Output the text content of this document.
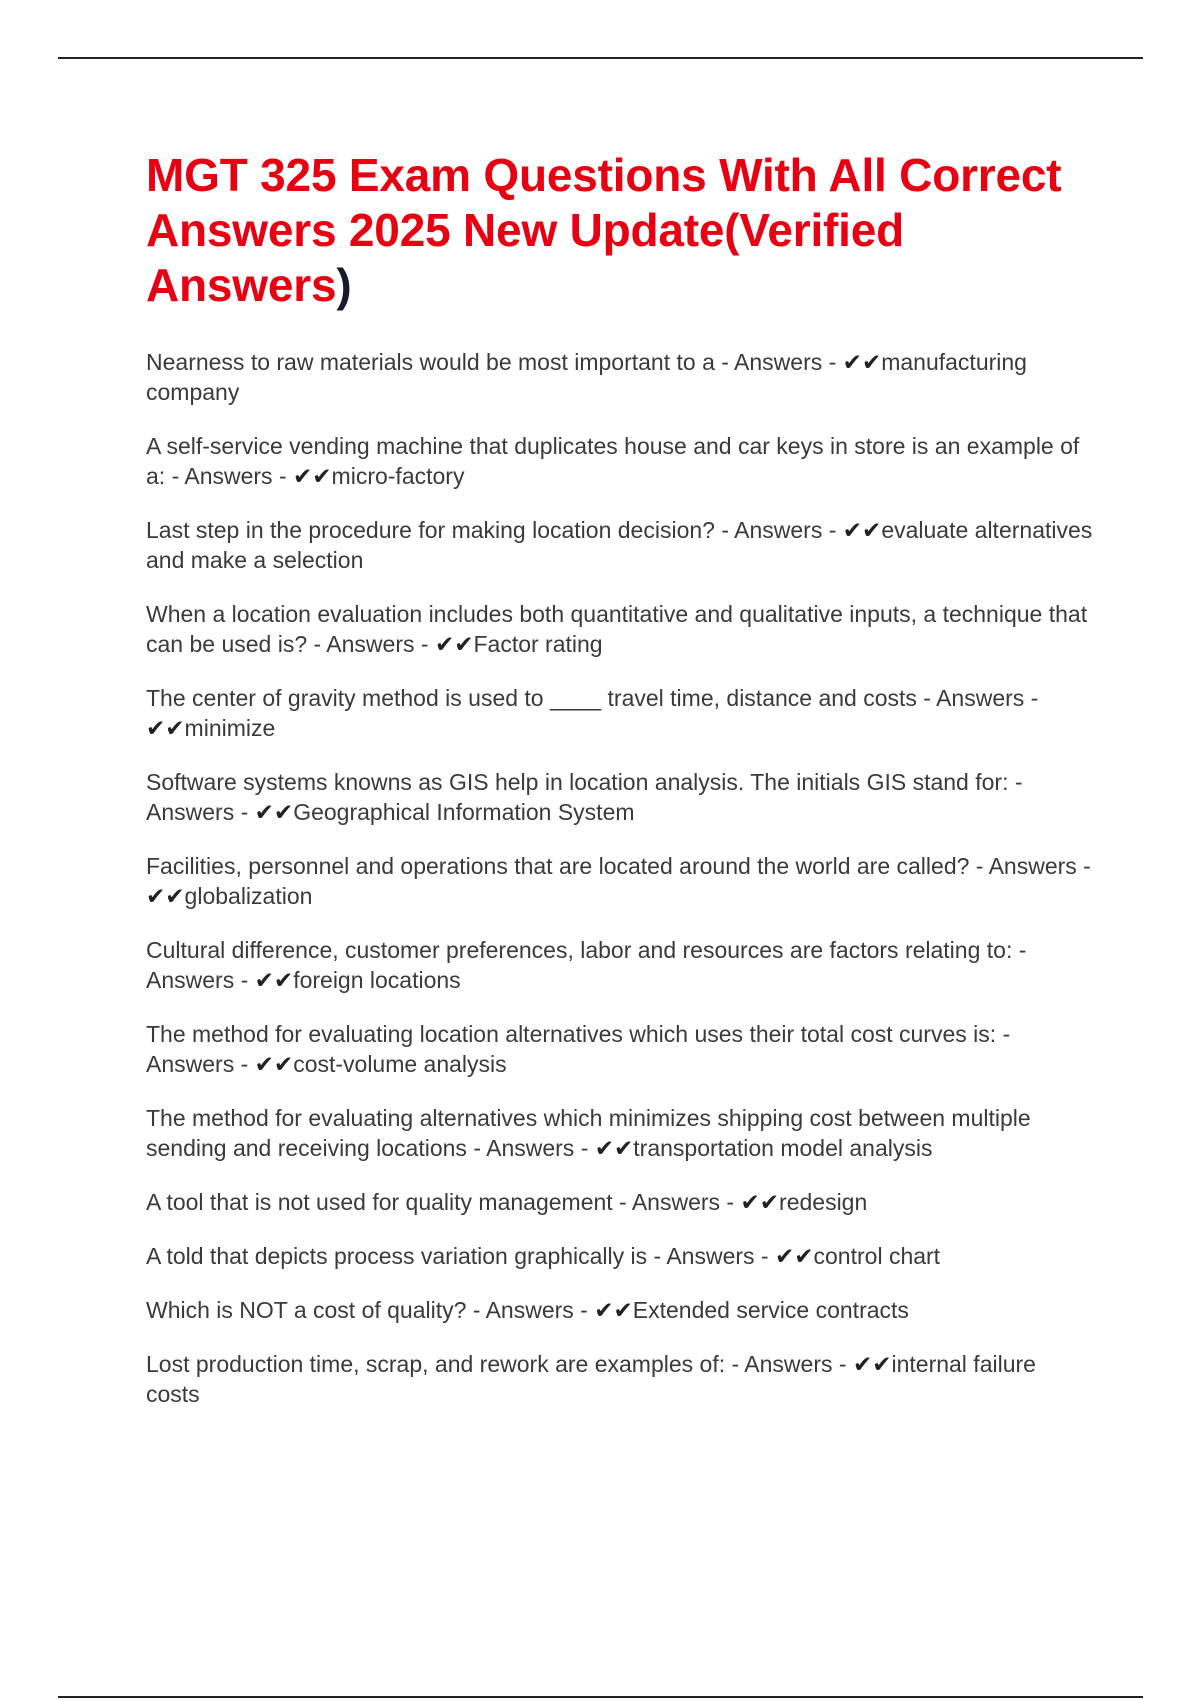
MGT 325 Exam Questions With All Correct Answers 2025 New Update(Verified Answers)

Nearness to raw materials would be most important to a - Answers - ✔✔manufacturing company

A self-service vending machine that duplicates house and car keys in store is an example of a: - Answers - ✔✔micro-factory

Last step in the procedure for making location decision? - Answers - ✔✔evaluate alternatives and make a selection

When a location evaluation includes both quantitative and qualitative inputs, a technique that can be used is? - Answers - ✔✔Factor rating

The center of gravity method is used to ____ travel time, distance and costs - Answers - ✔✔minimize

Software systems knowns as GIS help in location analysis. The initials GIS stand for: - Answers - ✔✔Geographical Information System

Facilities, personnel and operations that are located around the world are called? - Answers - ✔✔globalization

Cultural difference, customer preferences, labor and resources are factors relating to: - Answers - ✔✔foreign locations

The method for evaluating location alternatives which uses their total cost curves is: - Answers - ✔✔cost-volume analysis

The method for evaluating alternatives which minimizes shipping cost between multiple sending and receiving locations - Answers - ✔✔transportation model analysis

A tool that is not used for quality management - Answers - ✔✔redesign

A told that depicts process variation graphically is - Answers - ✔✔control chart

Which is NOT a cost of quality? - Answers - ✔✔Extended service contracts

Lost production time, scrap, and rework are examples of: - Answers - ✔✔internal failure costs
